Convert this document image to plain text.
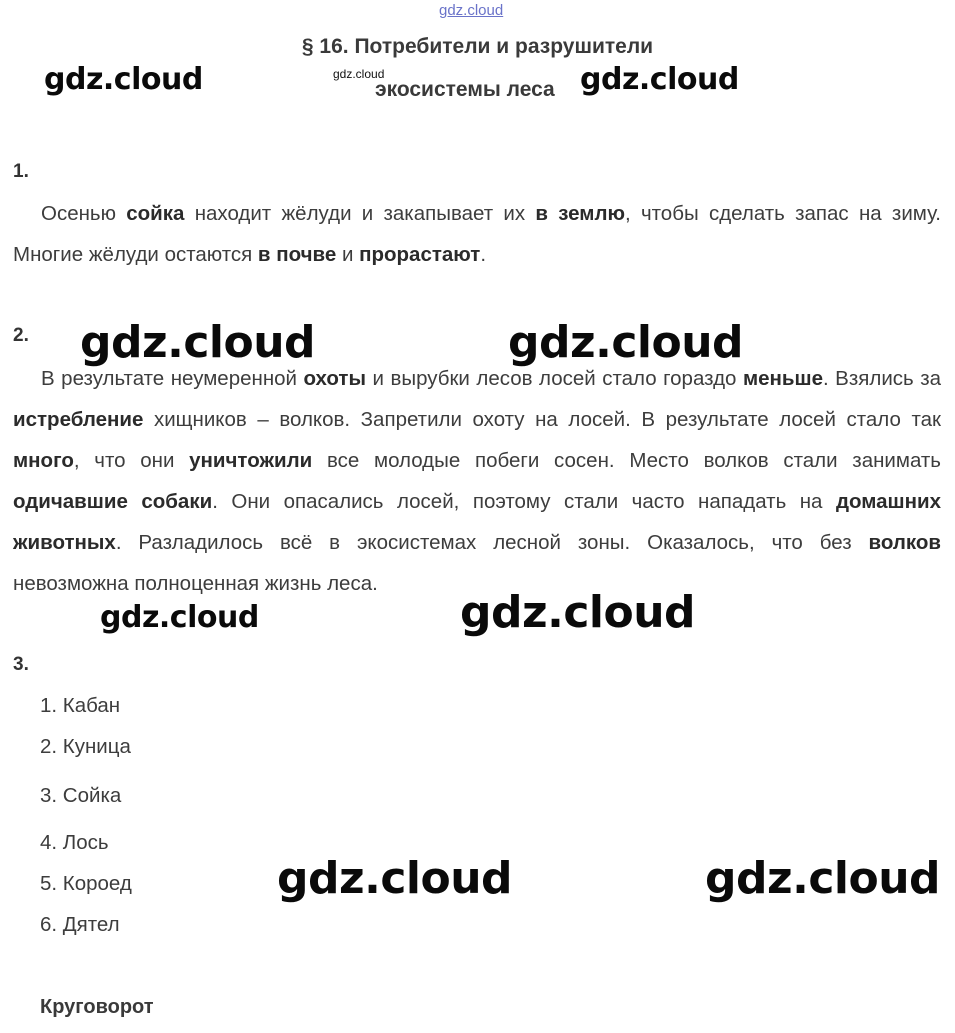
§ 16. Потребители и разрушители
экосистемы леса
1.
Осенью сойка находит жёлуди и закапывает их в землю, чтобы сделать запас на зиму. Многие жёлуди остаются в почве и прорастают.
2.
В результате неумеренной охоты и вырубки лесов лосей стало гораздо меньше. Взялись за истребление хищников – волков. Запретили охоту на лосей. В результате лосей стало так много, что они уничтожили все молодые побеги сосен. Место волков стали занимать одичавшие собаки. Они опасались лосей, поэтому стали часто нападать на домашних животных. Разладилось всё в экосистемах лесной зоны. Оказалось, что без волков невозможна полноценная жизнь леса.
3.
1. Кабан
2. Куница
3. Сойка
4. Лось
5. Короед
6. Дятел
Круговорот
gdz.cloud
gdz.cloud
gdz.cloud	gdz.cloud
gdz.cloud	gdz.cloud
gdz.cloud	gdz.cloud
gdz.cloud	gdz.cloud
